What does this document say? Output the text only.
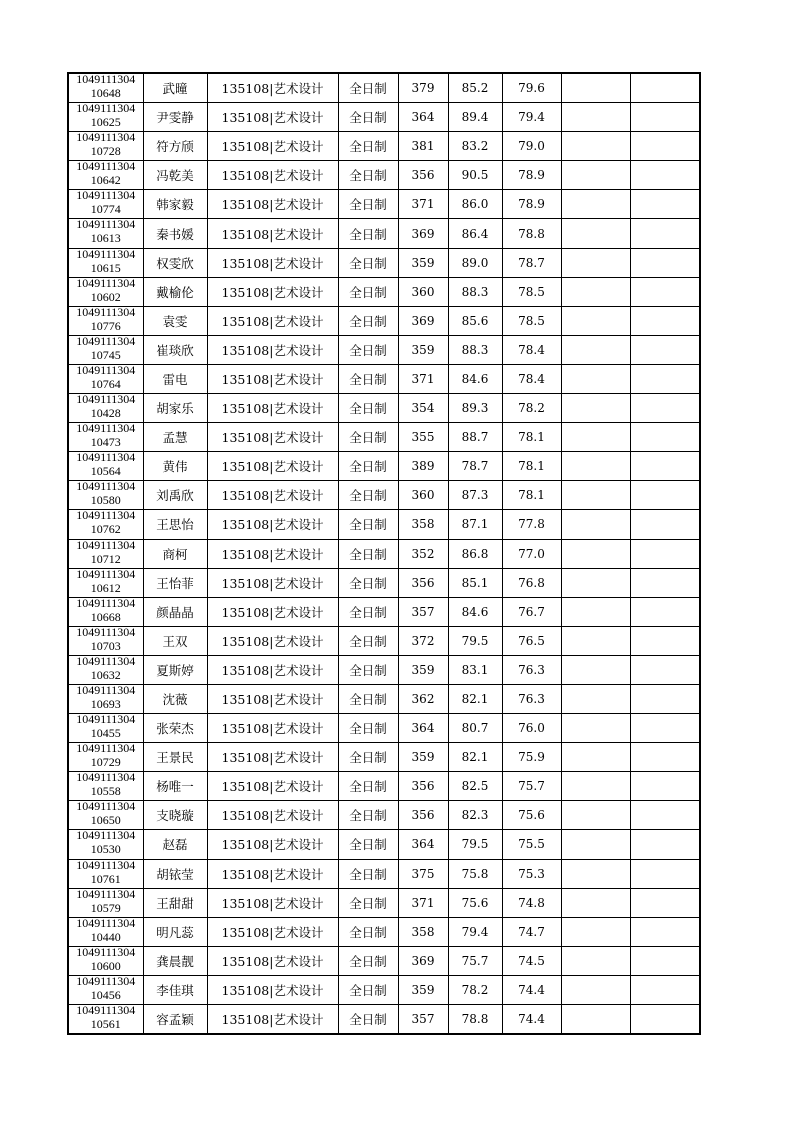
1049111304
10648	武曈	135108|艺术设计	全日制	379	85.2	79.6		

1049111304
10625	尹雯静	135108|艺术设计	全日制	364	89.4	79.4		

1049111304
10728	符方颀	135108|艺术设计	全日制	381	83.2	79.0		

1049111304
10642	冯乾美	135108|艺术设计	全日制	356	90.5	78.9		

1049111304
10774	韩家毅	135108|艺术设计	全日制	371	86.0	78.9		

1049111304
10613	秦书媛	135108|艺术设计	全日制	369	86.4	78.8		

1049111304
10615	权雯欣	135108|艺术设计	全日制	359	89.0	78.7		

1049111304
10602	戴榆伦	135108|艺术设计	全日制	360	88.3	78.5		

1049111304
10776	袁雯	135108|艺术设计	全日制	369	85.6	78.5		

1049111304
10745	崔琰欣	135108|艺术设计	全日制	359	88.3	78.4		

1049111304
10764	雷电	135108|艺术设计	全日制	371	84.6	78.4		

1049111304
10428	胡家乐	135108|艺术设计	全日制	354	89.3	78.2		

1049111304
10473	孟慧	135108|艺术设计	全日制	355	88.7	78.1		

1049111304
10564	黄伟	135108|艺术设计	全日制	389	78.7	78.1		

1049111304
10580	刘禹欣	135108|艺术设计	全日制	360	87.3	78.1		

1049111304
10762	王思怡	135108|艺术设计	全日制	358	87.1	77.8		

1049111304
10712	商柯	135108|艺术设计	全日制	352	86.8	77.0		

1049111304
10612	王怡菲	135108|艺术设计	全日制	356	85.1	76.8		

1049111304
10668	颜晶晶	135108|艺术设计	全日制	357	84.6	76.7		

1049111304
10703	王双	135108|艺术设计	全日制	372	79.5	76.5		

1049111304
10632	夏斯婷	135108|艺术设计	全日制	359	83.1	76.3		

1049111304
10693	沈薇	135108|艺术设计	全日制	362	82.1	76.3		

1049111304
10455	张荣杰	135108|艺术设计	全日制	364	80.7	76.0		

1049111304
10729	王景民	135108|艺术设计	全日制	359	82.1	75.9		

1049111304
10558	杨唯一	135108|艺术设计	全日制	356	82.5	75.7		

1049111304
10650	支晓璇	135108|艺术设计	全日制	356	82.3	75.6		

1049111304
10530	赵磊	135108|艺术设计	全日制	364	79.5	75.5		

1049111304
10761	胡铱莹	135108|艺术设计	全日制	375	75.8	75.3		

1049111304
10579	王甜甜	135108|艺术设计	全日制	371	75.6	74.8		

1049111304
10440	明凡蕊	135108|艺术设计	全日制	358	79.4	74.7		

1049111304
10600	龚晨靓	135108|艺术设计	全日制	369	75.7	74.5		

1049111304
10456	李佳琪	135108|艺术设计	全日制	359	78.2	74.4		

1049111304
10561	容孟颖	135108|艺术设计	全日制	357	78.8	74.4		
